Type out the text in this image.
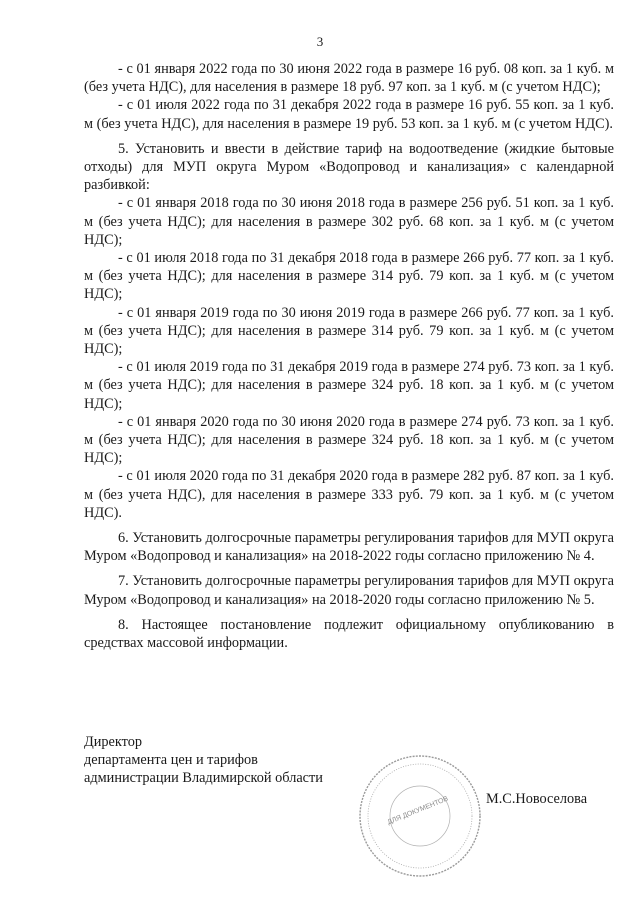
3

- с 01 января 2022 года по 30 июня 2022 года в размере 16 руб. 08 коп. за 1 куб. м (без учета НДС), для населения в размере 18 руб. 97 коп. за 1 куб. м (с учетом НДС);

- с 01 июля 2022 года по 31 декабря 2022 года в размере 16 руб. 55 коп. за 1 куб. м (без учета НДС), для населения в размере 19 руб. 53 коп. за 1 куб. м (с учетом НДС).

5. Установить и ввести в действие тариф на водоотведение (жидкие бытовые отходы) для МУП округа Муром «Водопровод и канализация» с календарной разбивкой:

- с 01 января 2018 года по 30 июня 2018 года в размере 256 руб. 51 коп. за 1 куб. м (без учета НДС); для населения в размере 302 руб. 68 коп. за 1 куб. м (с учетом НДС);

- с 01 июля 2018 года по 31 декабря 2018 года в размере 266 руб. 77 коп. за 1 куб. м (без учета НДС); для населения в размере 314 руб. 79 коп. за 1 куб. м (с учетом НДС);

- с 01 января 2019 года по 30 июня 2019 года в размере 266 руб. 77 коп. за 1 куб. м (без учета НДС); для населения в размере 314 руб. 79 коп. за 1 куб. м (с учетом НДС);

- с 01 июля 2019 года по 31 декабря 2019 года в размере 274 руб. 73 коп. за 1 куб. м (без учета НДС); для населения в размере 324 руб. 18 коп. за 1 куб. м (с учетом НДС);

- с 01 января 2020 года по 30 июня 2020 года в размере 274 руб. 73 коп. за 1 куб. м (без учета НДС); для населения в размере 324 руб. 18 коп. за 1 куб. м (с учетом НДС);

- с 01 июля 2020 года по 31 декабря 2020 года в размере 282 руб. 87 коп. за 1 куб. м (без учета НДС), для населения в размере 333 руб. 79 коп. за 1 куб. м (с учетом НДС).

6. Установить долгосрочные параметры регулирования тарифов для МУП округа Муром «Водопровод и канализация» на 2018-2022 годы согласно приложению № 4.

7. Установить долгосрочные параметры регулирования тарифов для МУП округа Муром «Водопровод и канализация» на 2018-2020 годы согласно приложению № 5.

8. Настоящее постановление подлежит официальному опубликованию в средствах массовой информации.

Директор
департамента цен и тарифов
администрации Владимирской области
ДЛЯ ДОКУМЕНТОВ	М.С.Новоселова
